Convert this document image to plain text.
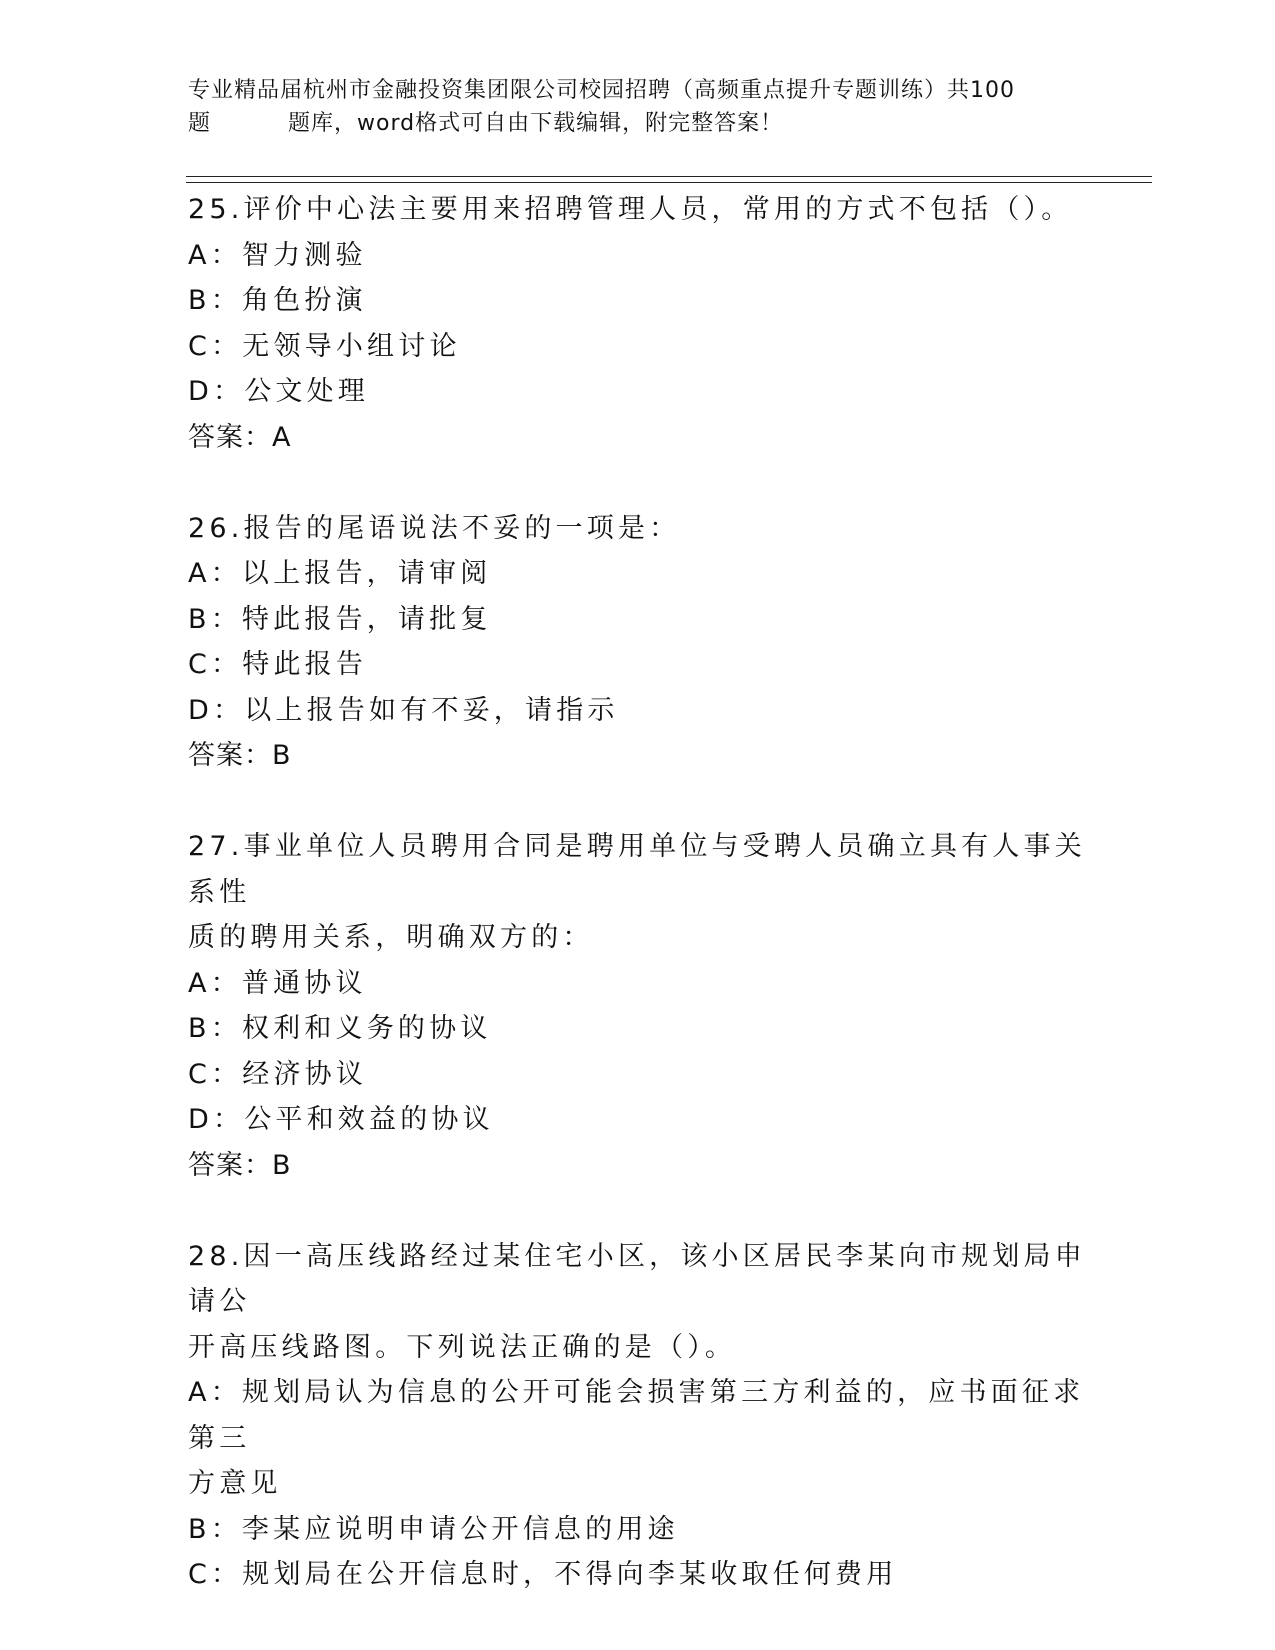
专业精品届杭州市金融投资集团限公司校园招聘（高频重点提升专题训练）共100
题	题库，word格式可自由下载编辑，附完整答案！
25.评价中心法主要用来招聘管理人员，常用的方式不包括（）。
A：智力测验
B：角色扮演
C：无领导小组讨论
D：公文处理
答案：A
26.报告的尾语说法不妥的一项是：
A：以上报告，请审阅
B：特此报告，请批复
C：特此报告
D：以上报告如有不妥，请指示
答案：B
27.事业单位人员聘用合同是聘用单位与受聘人员确立具有人事关系性
质的聘用关系，明确双方的：
A：普通协议
B：权利和义务的协议
C：经济协议
D：公平和效益的协议
答案：B
28.因一高压线路经过某住宅小区，该小区居民李某向市规划局申请公
开高压线路图。下列说法正确的是（）。
A：规划局认为信息的公开可能会损害第三方利益的，应书面征求第三
方意见
B：李某应说明申请公开信息的用途
C：规划局在公开信息时，不得向李某收取任何费用
